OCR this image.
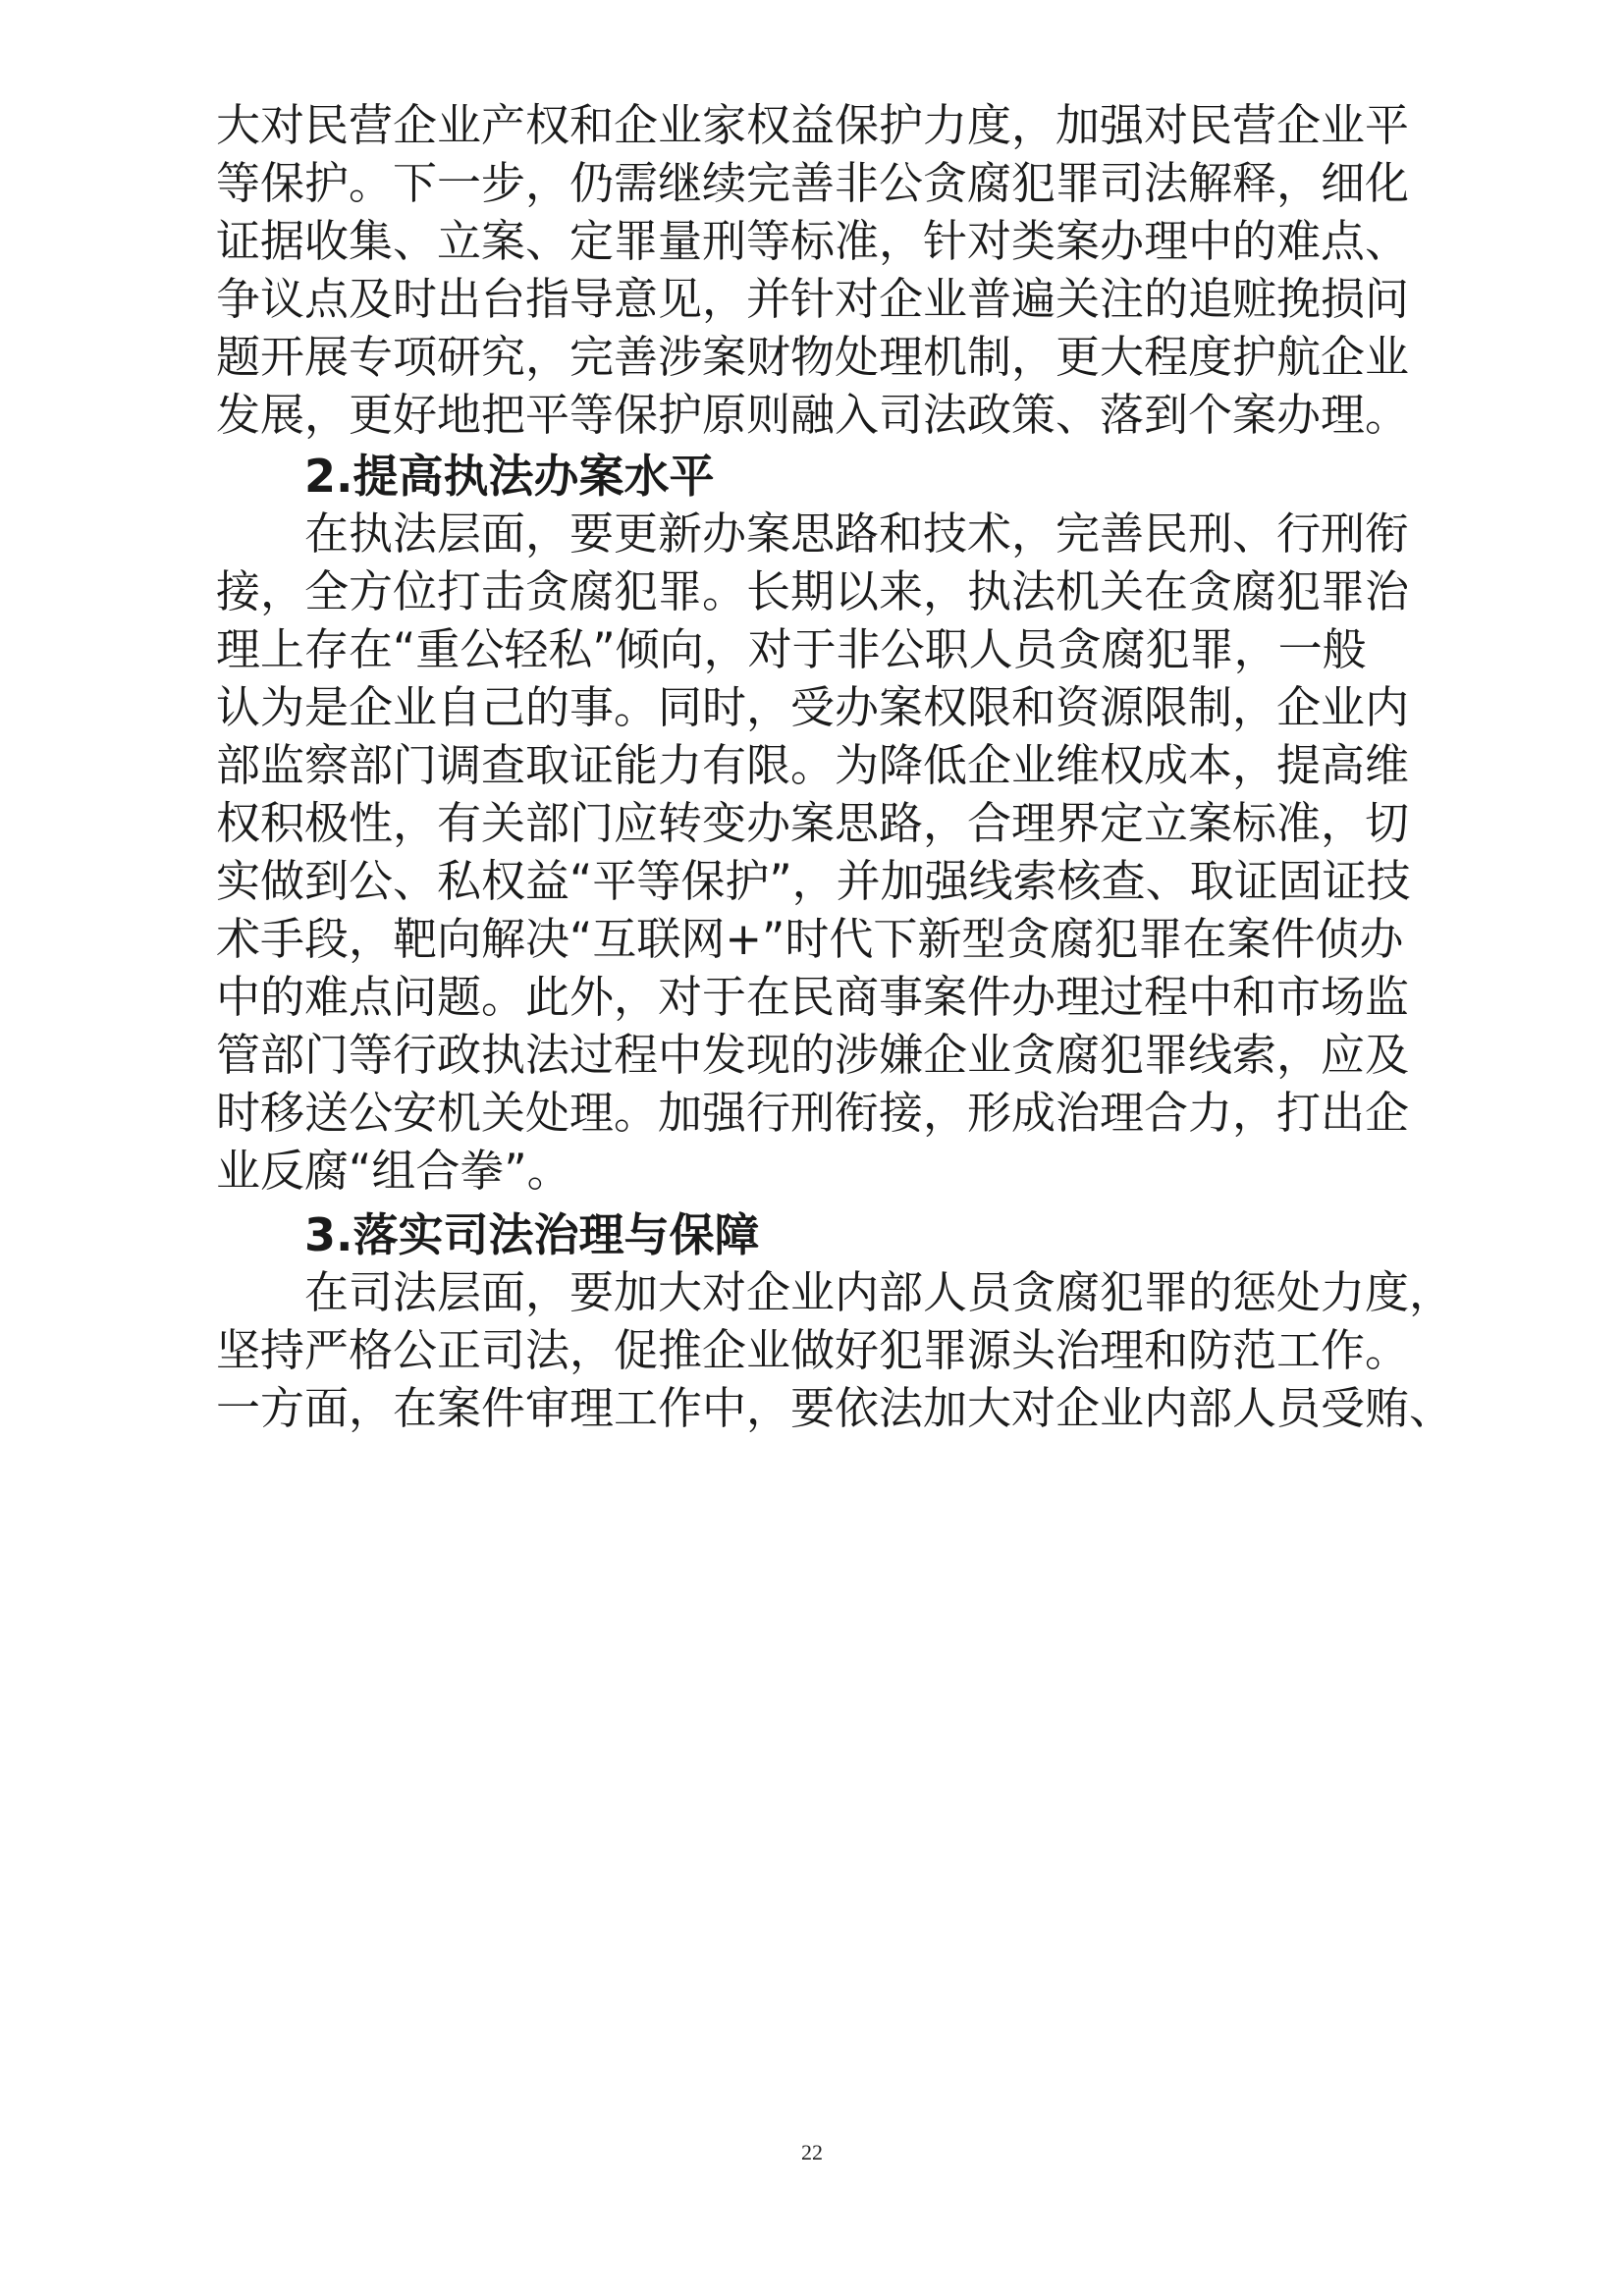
大对民营企业产权和企业家权益保护力度，加强对民营企业平
等保护。下一步，仍需继续完善非公贪腐犯罪司法解释，细化
证据收集、立案、定罪量刑等标准，针对类案办理中的难点、
争议点及时出台指导意见，并针对企业普遍关注的追赃挽损问
题开展专项研究，完善涉案财物处理机制，更大程度护航企业
发展，更好地把平等保护原则融入司法政策、落到个案办理。
2.提高执法办案水平
在执法层面，要更新办案思路和技术，完善民刑、行刑衔
接，全方位打击贪腐犯罪。长期以来，执法机关在贪腐犯罪治
理上存在“重公轻私”倾向，对于非公职人员贪腐犯罪，一般
认为是企业自己的事。同时，受办案权限和资源限制，企业内
部监察部门调查取证能力有限。为降低企业维权成本，提高维
权积极性，有关部门应转变办案思路，合理界定立案标准，切
实做到公、私权益“平等保护”，并加强线索核查、取证固证技
术手段，靶向解决“互联网+”时代下新型贪腐犯罪在案件侦办
中的难点问题。此外，对于在民商事案件办理过程中和市场监
管部门等行政执法过程中发现的涉嫌企业贪腐犯罪线索，应及
时移送公安机关处理。加强行刑衔接，形成治理合力，打出企
业反腐“组合拳”。
3.落实司法治理与保障
在司法层面，要加大对企业内部人员贪腐犯罪的惩处力度，
坚持严格公正司法，促推企业做好犯罪源头治理和防范工作。
一方面，在案件审理工作中，要依法加大对企业内部人员受贿、
22
